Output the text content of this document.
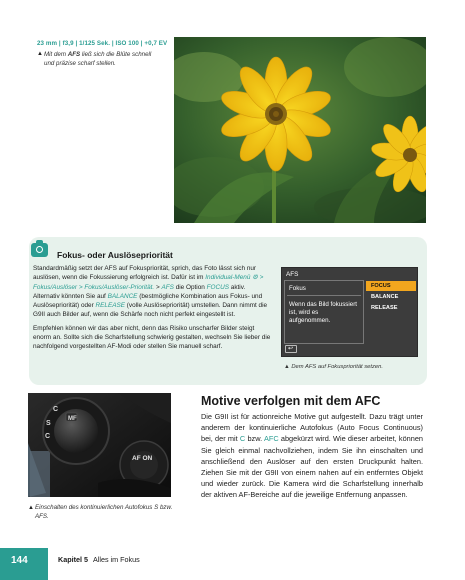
23 mm | f3,9 | 1/125 Sek. | ISO 100 | +0,7 EV
▲ Mit dem AFS ließ sich die Blüte schnell und präzise scharf stellen.
Fokus- oder Auslösepriorität

Standardmäßig setzt der AFS auf Fokuspriorität, sprich, das Foto lässt sich nur auslösen, wenn die Fokussierung erfolgreich ist. Dafür ist im Individual-Menü ⚙ > Fokus/Auslöser > Fokus/Auslöser-Priorität. > AFS die Option FOCUS aktiv. Alternativ könnten Sie auf BALANCE (bestmögliche Kombination aus Fokus- und Auslösepriorität) oder RELEASE (volle Auslösepriorität) umstellen. Dann nimmt die G9II auch Bilder auf, wenn die Schärfe noch nicht perfekt eingestellt ist.

Empfehlen können wir das aber nicht, denn das Risiko unscharfer Bilder steigt enorm an. Sollte sich die Scharfstellung schwierig gestalten, wechseln Sie lieber die nachfolgend vorgestellten AF-Modi oder stellen Sie manuell scharf.

AFS
Fokus
Wenn das Bild fokussiert ist, wird es aufgenommen.
FOCUS
BALANCE
RELEASE
↩
▲ Dem AFS auf Fokuspriorität setzen.
MF
C
S
C
AF ON
▲ Einschalten des kontinuierlichen Autofokus S bzw. AFS.
Motive verfolgen mit dem AFC
Die G9II ist für actionreiche Motive gut aufgestellt. Dazu trägt unter anderem der kontinuierliche Autofokus (Auto Focus Continuous) bei, der mit C bzw. AFC abgekürzt wird. Wie dieser arbeitet, können Sie gleich einmal nachvollziehen, indem Sie ihn einschalten und anschließend den Auslöser auf den ersten Druckpunkt halten. Ziehen Sie mit der G9II von einem nahen auf ein entferntes Objekt und wieder zurück. Die Kamera wird die Scharfstellung innerhalb der aktiven AF-Bereiche auf die jeweilige Entfernung anpassen.
144	Kapitel 5 Alles im Fokus
